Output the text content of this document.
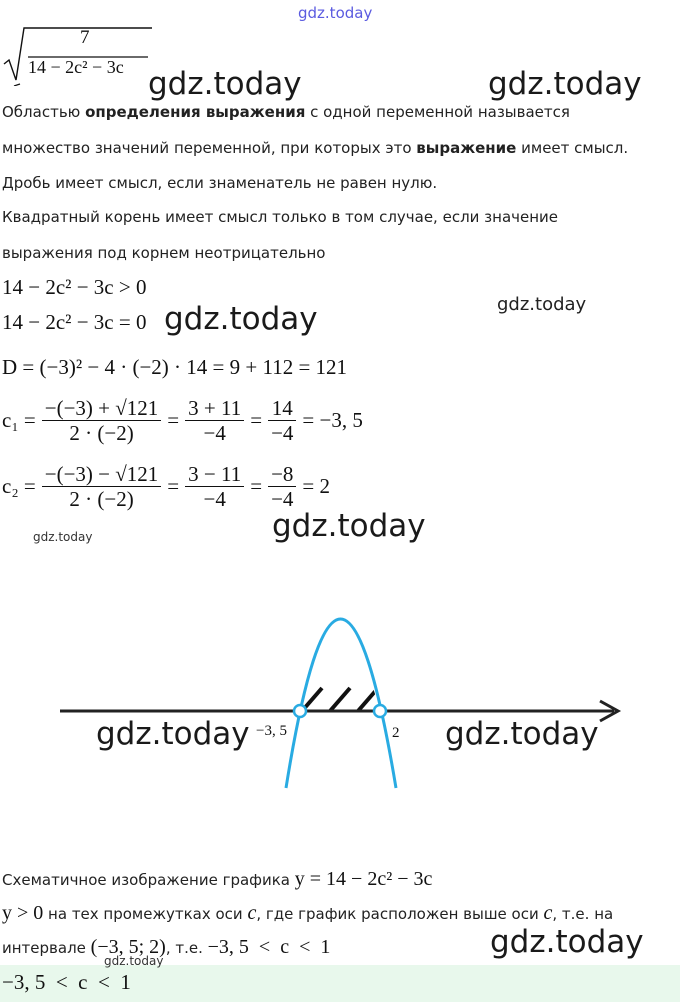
gdz.today
7
14 − 2c² − 3c gdz.today	gdz.today
Областью определения выражения с одной переменной называется
множество значений переменной, при которых это выражение имеет смысл.
Дробь имеет смысл, если знаменатель не равен нулю.
Квадратный корень имеет смысл только в том случае, если значение
выражения под корнем неотрицательно
14 − 2c² − 3c > 0
gdz.today
14 − 2c² − 3c = 0 gdz.today
D = (−3)² − 4 · (−2) · 14 = 9 + 112 = 121
$c_1 = \frac{-(-3) + √121}{2 \cdot (-2)} = \frac{3 + 11}{-4} = \frac{14}{-4} = -3$, 5
$c_2 = \frac{-(-3) - √121}{2 \cdot (-2)} = \frac{3 - 11}{-4} = \frac{-8}{-4} = 2$
gdz.today
gdz.today
−3, 5	2
gdz.today	gdz.today
Схематичное изображение графика y = 14 − 2c² − 3c
y > 0 на тех промежутках оси c, где график расположен выше оси c, т.е. на
интервале (−3, 5; 2), т.е. −3, 5  <  c  <  1	gdz.today
−3, 5  <  c  <  1
gdz.today
